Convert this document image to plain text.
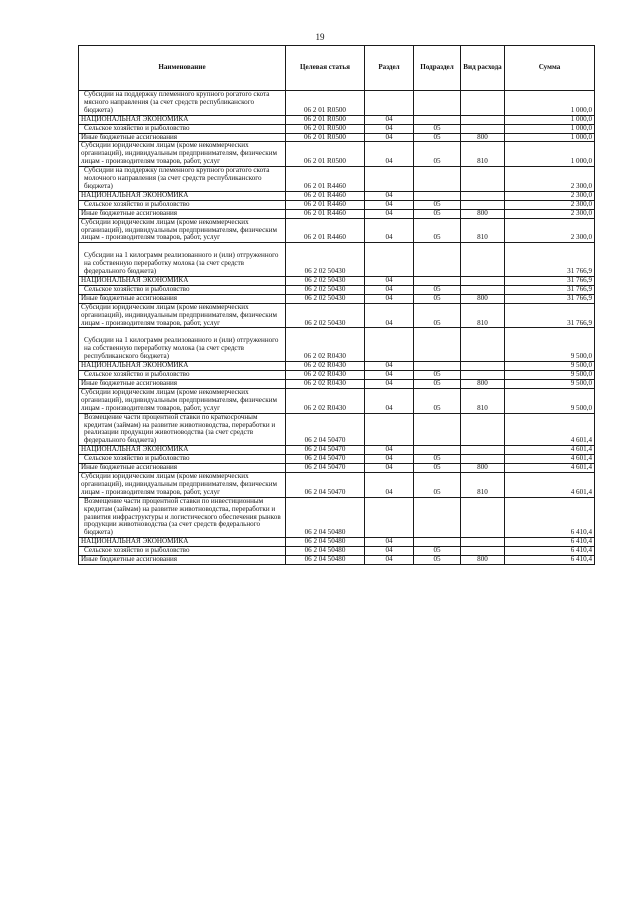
19
Наименование	Целевая статья	Раздел	Подраздел	Вид расхода	Сумма
Субсидии на поддержку племенного крупного рогатого скота мясного направления (за счет средств республиканского бюджета)	06 2 01 R0500				1 000,0
НАЦИОНАЛЬНАЯ ЭКОНОМИКА	06 2 01 R0500	04			1 000,0
Сельское хозяйство и рыболовство	06 2 01 R0500	04	05		1 000,0
Иные бюджетные ассигнования	06 2 01 R0500	04	05	800	1 000,0
Субсидии юридическим лицам (кроме некоммерческих организаций), индивидуальным предпринимателям, физическим лицам - производителям товаров, работ, услуг	06 2 01 R0500	04	05	810	1 000,0
Субсидии на поддержку племенного крупного рогатого скота молочного направления (за счет средств республиканского бюджета)	06 2 01 R4460				2 300,0
НАЦИОНАЛЬНАЯ ЭКОНОМИКА	06 2 01 R4460	04			2 300,0
Сельское хозяйство и рыболовство	06 2 01 R4460	04	05		2 300,0
Иные бюджетные ассигнования	06 2 01 R4460	04	05	800	2 300,0
Субсидии юридическим лицам (кроме некоммерческих организаций), индивидуальным предпринимателям, физическим лицам - производителям товаров, работ, услуг	06 2 01 R4460	04	05	810	2 300,0
Субсидии на 1 килограмм реализованного и (или) отгруженного на собственную переработку молока (за счет средств федерального бюджета)	06 2 02 50430				31 766,9
НАЦИОНАЛЬНАЯ ЭКОНОМИКА	06 2 02 50430	04			31 766,9
Сельское хозяйство и рыболовство	06 2 02 50430	04	05		31 766,9
Иные бюджетные ассигнования	06 2 02 50430	04	05	800	31 766,9
Субсидии юридическим лицам (кроме некоммерческих организаций), индивидуальным предпринимателям, физическим лицам - производителям товаров, работ, услуг	06 2 02 50430	04	05	810	31 766,9
Субсидии на 1 килограмм реализованного и (или) отгруженного на собственную переработку молока (за счет средств республиканского бюджета)	06 2 02 R0430				9 500,0
НАЦИОНАЛЬНАЯ ЭКОНОМИКА	06 2 02 R0430	04			9 500,0
Сельское хозяйство и рыболовство	06 2 02 R0430	04	05		9 500,0
Иные бюджетные ассигнования	06 2 02 R0430	04	05	800	9 500,0
Субсидии юридическим лицам (кроме некоммерческих организаций), индивидуальным предпринимателям, физическим лицам - производителям товаров, работ, услуг	06 2 02 R0430	04	05	810	9 500,0
Возмещение части процентной ставки по краткосрочным кредитам (займам) на развитие животноводства, переработки и реализации продукции животноводства (за счет средств федерального бюджета)	06 2 04 50470				4 601,4
НАЦИОНАЛЬНАЯ ЭКОНОМИКА	06 2 04 50470	04			4 601,4
Сельское хозяйство и рыболовство	06 2 04 50470	04	05		4 601,4
Иные бюджетные ассигнования	06 2 04 50470	04	05	800	4 601,4
Субсидии юридическим лицам (кроме некоммерческих организаций), индивидуальным предпринимателям, физическим лицам - производителям товаров, работ, услуг	06 2 04 50470	04	05	810	4 601,4
Возмещение части процентной ставки по инвестиционным кредитам (займам) на развитие животноводства, переработки и развития инфраструктуры и логистического обеспечения рынков продукции животноводства (за счет средств федерального бюджета)	06 2 04 50480				6 410,4
НАЦИОНАЛЬНАЯ ЭКОНОМИКА	06 2 04 50480	04			6 410,4
Сельское хозяйство и рыболовство	06 2 04 50480	04	05		6 410,4
Иные бюджетные ассигнования	06 2 04 50480	04	05	800	6 410,4
